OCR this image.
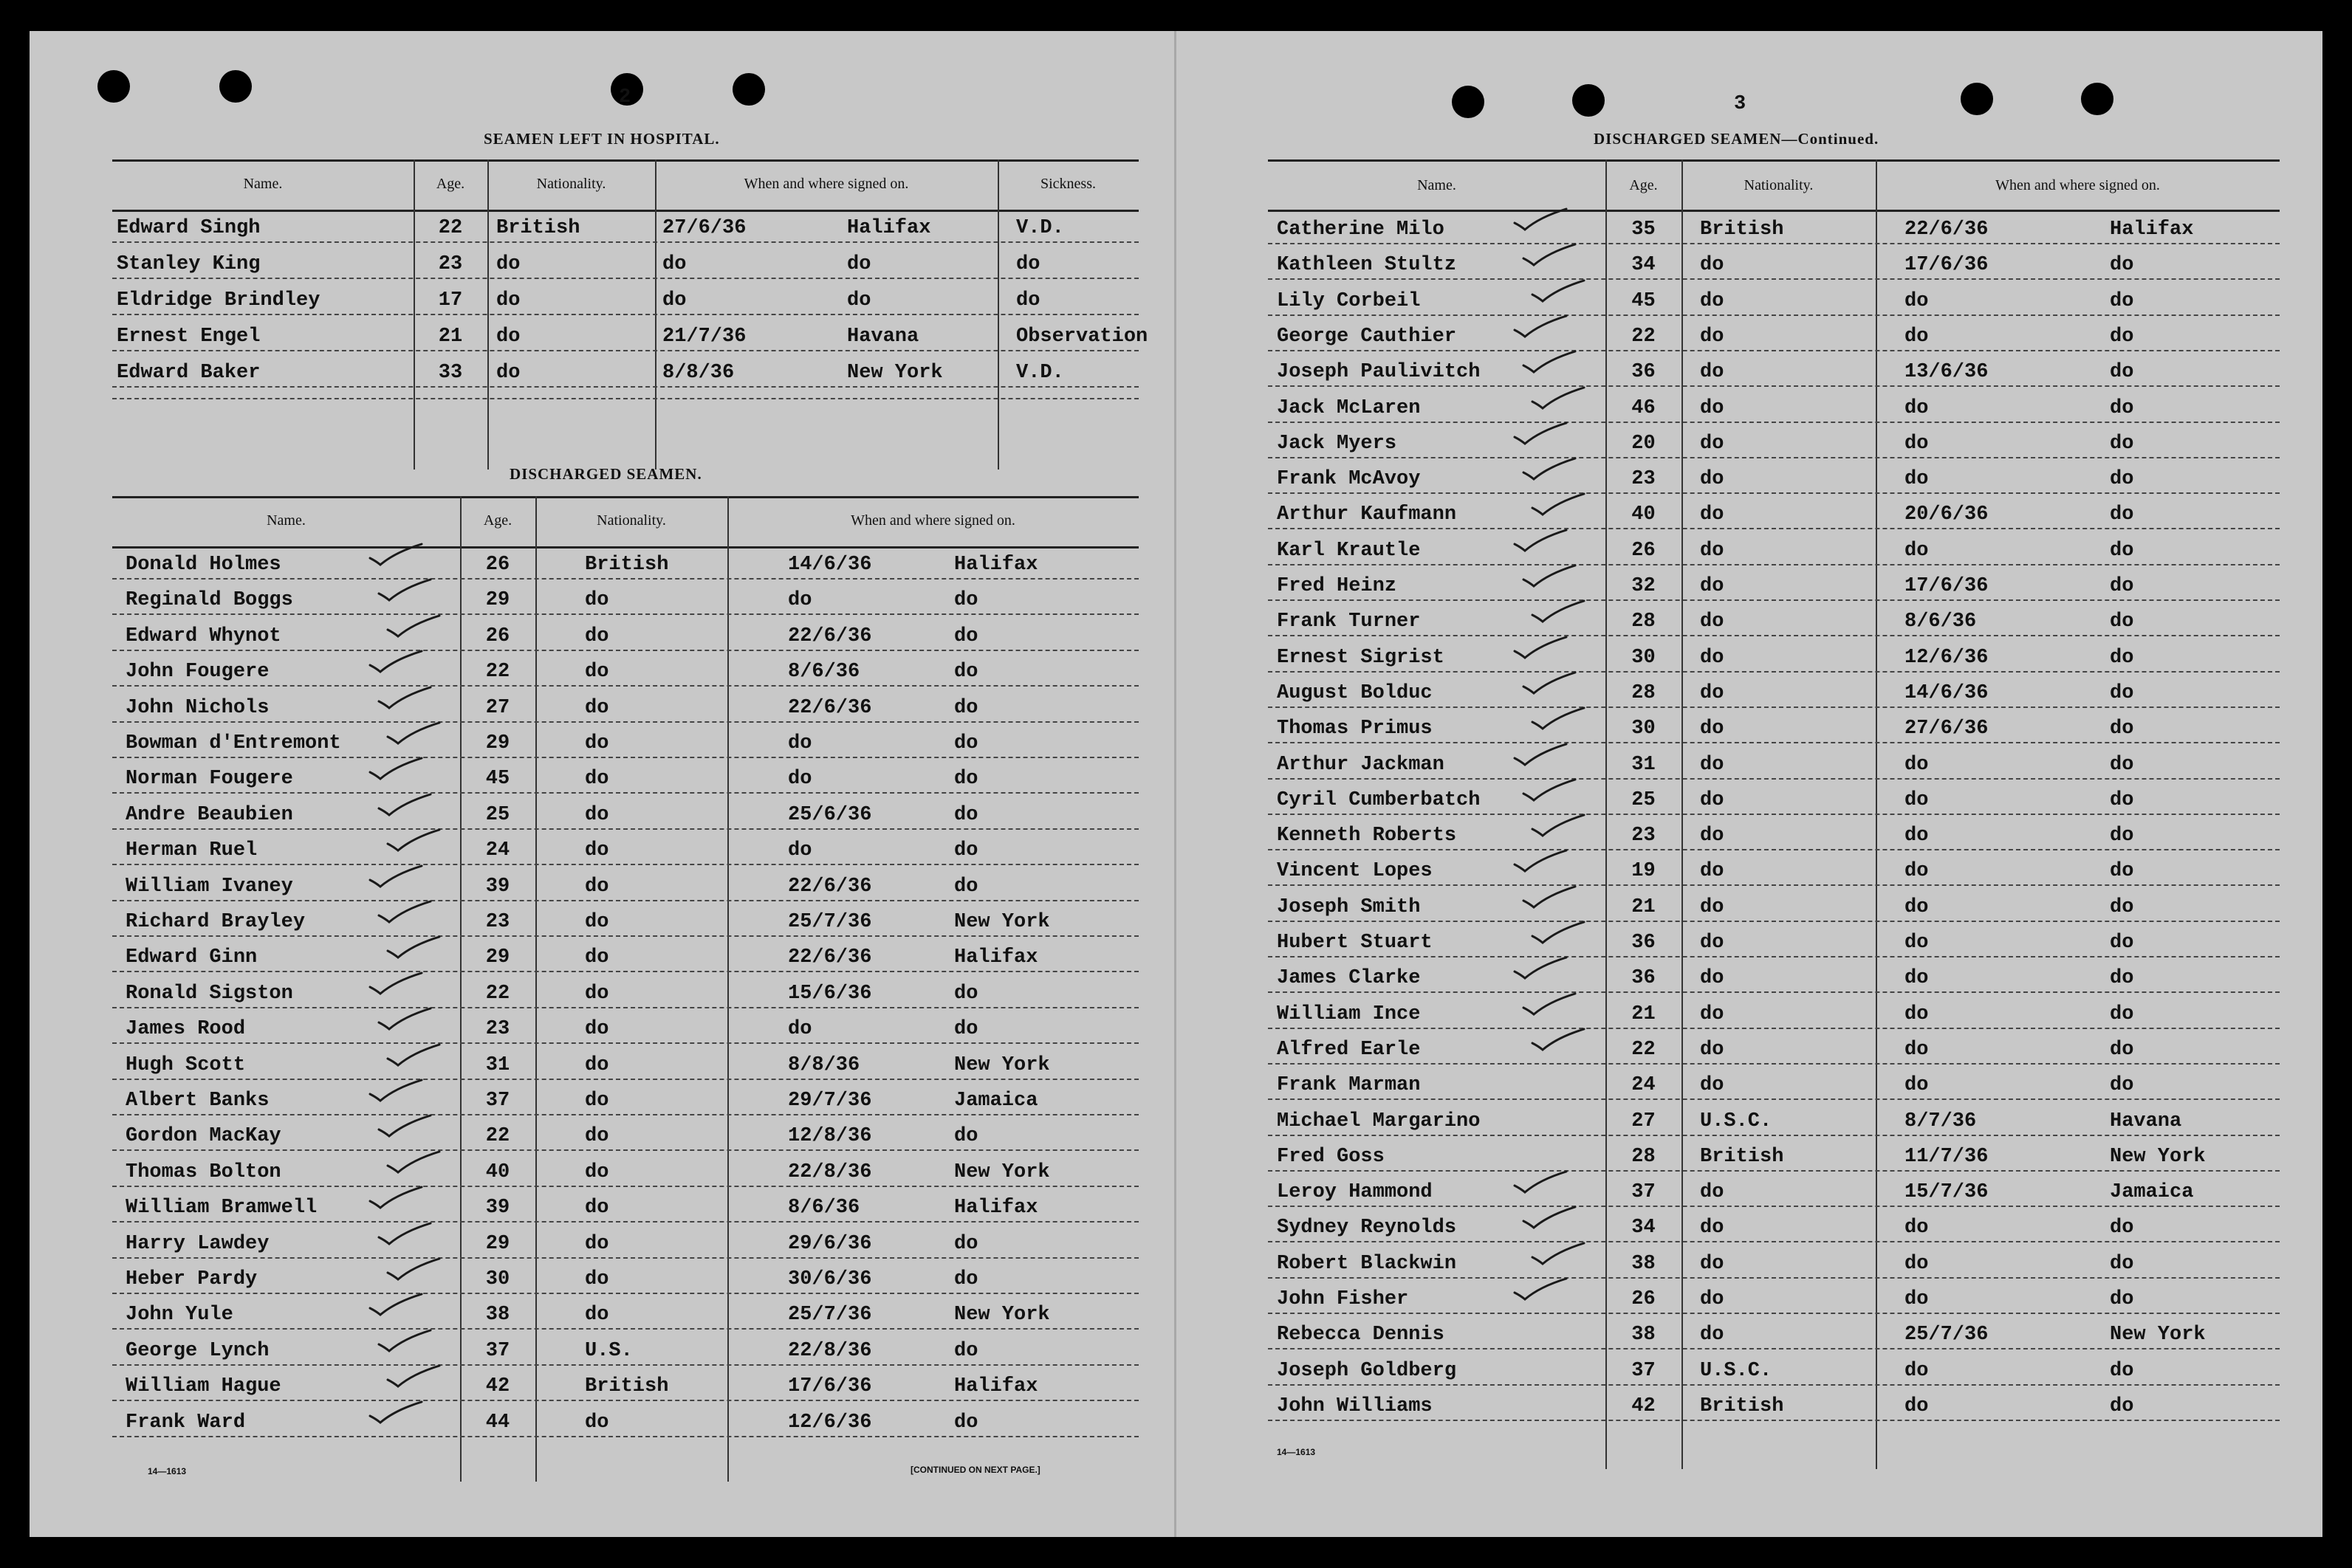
2
SEAMEN LEFT IN HOSPITAL.
Name.	Age.	Nationality.	When and where signed on.	Sickness.
Edward Singh	22	British	27/6/36	Halifax	V.D.
Stanley King	23	do	do	do	do
Eldridge Brindley	17	do	do	do	do
Ernest Engel	21	do	21/7/36	Havana	Observation
Edward Baker	33	do	8/8/36	New York	V.D.
DISCHARGED SEAMEN.
Name.	Age.	Nationality.	When and where signed on.
Donald Holmes	26	British	14/6/36	Halifax
Reginald Boggs	29	do	do	do
Edward Whynot	26	do	22/6/36	do
John Fougere	22	do	8/6/36	do
John Nichols	27	do	22/6/36	do
Bowman d'Entremont	29	do	do	do
Norman Fougere	45	do	do	do
Andre Beaubien	25	do	25/6/36	do
Herman Ruel	24	do	do	do
William Ivaney	39	do	22/6/36	do
Richard Brayley	23	do	25/7/36	New York
Edward Ginn	29	do	22/6/36	Halifax
Ronald Sigston	22	do	15/6/36	do
James Rood	23	do	do	do
Hugh Scott	31	do	8/8/36	New York
Albert Banks	37	do	29/7/36	Jamaica
Gordon MacKay	22	do	12/8/36	do
Thomas Bolton	40	do	22/8/36	New York
William Bramwell	39	do	8/6/36	Halifax
Harry Lawdey	29	do	29/6/36	do
Heber Pardy	30	do	30/6/36	do
John Yule	38	do	25/7/36	New York
George Lynch	37	U.S.	22/8/36	do
William Hague	42	British	17/6/36	Halifax
Frank Ward	44	do	12/6/36	do
14—1613	[CONTINUED ON NEXT PAGE.]
3
DISCHARGED SEAMEN—Continued.
Name.	Age.	Nationality.	When and where signed on.
Catherine Milo	35	British	22/6/36	Halifax
Kathleen Stultz	34	do	17/6/36	do
Lily Corbeil	45	do	do	do
George Cauthier	22	do	do	do
Joseph Paulivitch	36	do	13/6/36	do
Jack McLaren	46	do	do	do
Jack Myers	20	do	do	do
Frank McAvoy	23	do	do	do
Arthur Kaufmann	40	do	20/6/36	do
Karl Krautle	26	do	do	do
Fred Heinz	32	do	17/6/36	do
Frank Turner	28	do	8/6/36	do
Ernest Sigrist	30	do	12/6/36	do
August Bolduc	28	do	14/6/36	do
Thomas Primus	30	do	27/6/36	do
Arthur Jackman	31	do	do	do
Cyril Cumberbatch	25	do	do	do
Kenneth Roberts	23	do	do	do
Vincent Lopes	19	do	do	do
Joseph Smith	21	do	do	do
Hubert Stuart	36	do	do	do
James Clarke	36	do	do	do
William Ince	21	do	do	do
Alfred Earle	22	do	do	do
Frank Marman	24	do	do	do
Michael Margarino	27	U.S.C.	8/7/36	Havana
Fred Goss	28	British	11/7/36	New York
Leroy Hammond	37	do	15/7/36	Jamaica
Sydney Reynolds	34	do	do	do
Robert Blackwin	38	do	do	do
John Fisher	26	do	do	do
Rebecca Dennis	38	do	25/7/36	New York
Joseph Goldberg	37	U.S.C.	do	do
John Williams	42	British	do	do
14—1613
